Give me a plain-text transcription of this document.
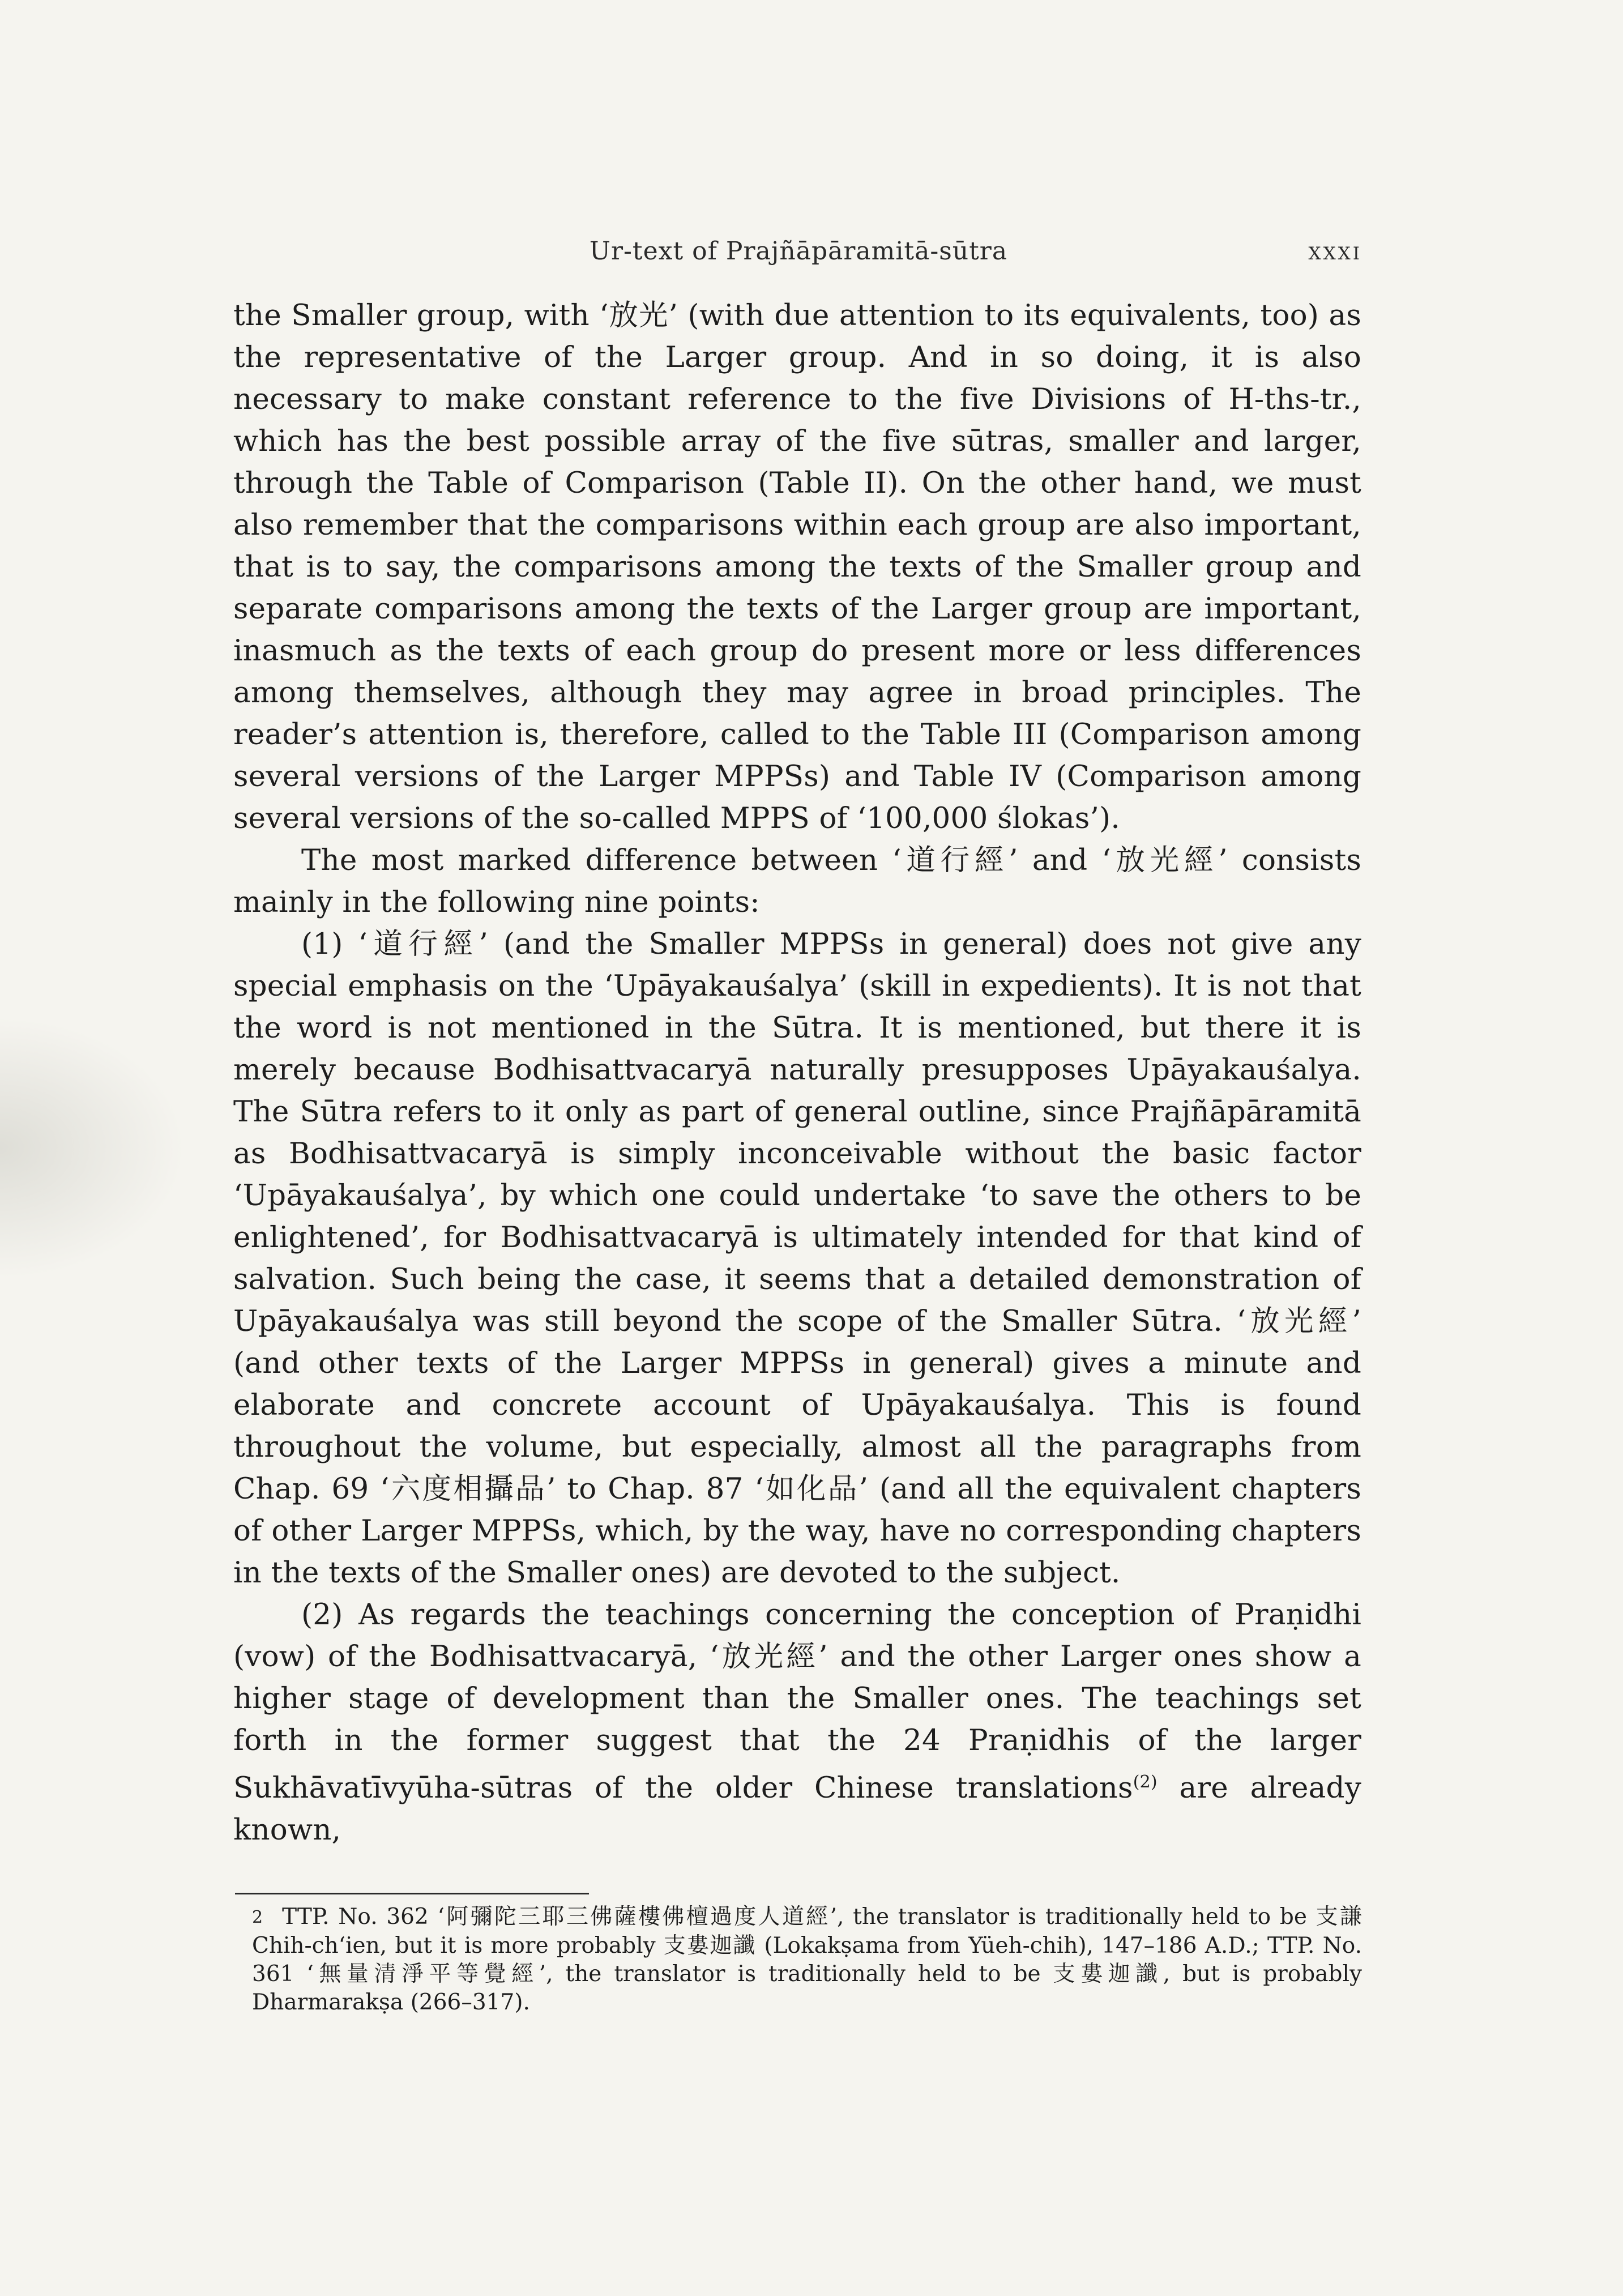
Ur-text of Prajñāpāramitā-sūtra	xxxi

the Smaller group, with ‘放光’ (with due attention to its equivalents, too) as the representative of the Larger group. And in so doing, it is also necessary to make constant reference to the five Divisions of H-ths-tr., which has the best possible array of the five sūtras, smaller and larger, through the Table of Comparison (Table II). On the other hand, we must also remember that the comparisons within each group are also important, that is to say, the comparisons among the texts of the Smaller group and separate comparisons among the texts of the Larger group are important, inasmuch as the texts of each group do present more or less differences among themselves, although they may agree in broad principles. The reader’s attention is, therefore, called to the Table III (Comparison among several versions of the Larger MPPSs) and Table IV (Comparison among several versions of the so-called MPPS of ‘100,000 ślokas’).

The most marked difference between ‘道行經’ and ‘放光經’ consists mainly in the following nine points:

(1) ‘道行經’ (and the Smaller MPPSs in general) does not give any special emphasis on the ‘Upāyakauśalya’ (skill in expedients). It is not that the word is not mentioned in the Sūtra. It is mentioned, but there it is merely because Bodhisattvacaryā naturally presupposes Upāyakauśalya. The Sūtra refers to it only as part of general outline, since Prajñāpāramitā as Bodhisattvacaryā is simply inconceivable without the basic factor ‘Upāyakauśalya’, by which one could undertake ‘to save the others to be enlightened’, for Bodhisattvacaryā is ultimately intended for that kind of salvation. Such being the case, it seems that a detailed demonstration of Upāyakauśalya was still beyond the scope of the Smaller Sūtra. ‘放光經’ (and other texts of the Larger MPPSs in general) gives a minute and elaborate and concrete account of Upāyakauśalya. This is found throughout the volume, but especially, almost all the paragraphs from Chap. 69 ‘六度相攝品’ to Chap. 87 ‘如化品’ (and all the equivalent chapters of other Larger MPPSs, which, by the way, have no corresponding chapters in the texts of the Smaller ones) are devoted to the subject.

(2) As regards the teachings concerning the conception of Praṇidhi (vow) of the Bodhisattvacaryā, ‘放光經’ and the other Larger ones show a higher stage of development than the Smaller ones. The teachings set forth in the former suggest that the 24 Praṇidhis of the larger Sukhāvatīvyūha-sūtras of the older Chinese translations$^{(2)}$ are already known,

2 TTP. No. 362 ‘阿彌陀三耶三佛薩樓佛檀過度人道經’, the translator is traditionally held to be 支謙 Chih-ch‘ien, but it is more probably 支婁迦讖 (Lokakṣama from Yüeh-chih), 147–186 A.D.; TTP. No. 361 ‘無量清淨平等覺經’, the translator is traditionally held to be 支婁迦讖, but is probably Dharmarakṣa (266–317).
